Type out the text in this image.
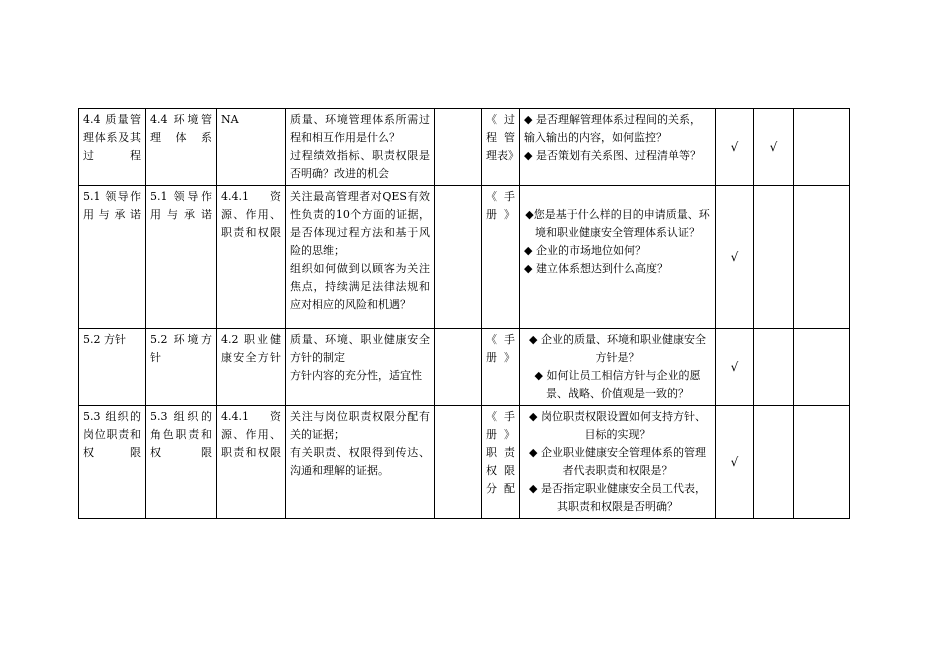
4.4 质量管理体系及其过程	4.4 环境管理体系	NA	质量、环境管理体系所需过程和相互作用是什么？
过程绩效指标、职责权限是否明确？改进的机会		《过程管理表》	◆ 是否理解管理体系过程间的关系，输入输出的内容，如何监控？
◆ 是否策划有关系图、过程清单等？	√	√	
5.1 领导作用与承诺	5.1 领导作用与承诺	4.4.1 资源、作用、职责和权限	关注最高管理者对QES有效性负责的10个方面的证据，是否体现过程方法和基于风险的思维；
组织如何做到以顾客为关注焦点，持续满足法律法规和应对相应的风险和机遇？		《手册》	◆您是基于什么样的目的申请质量、环境和职业健康安全管理体系认证？
◆ 企业的市场地位如何？
◆ 建立体系想达到什么高度？	√		
5.2 方针	5.2 环境方针	4.2 职业健康安全方针	质量、环境、职业健康安全方针的制定
方针内容的充分性，适宜性		《手册》	◆ 企业的质量、环境和职业健康安全方针是？
◆ 如何让员工相信方针与企业的愿景、战略、价值观是一致的？	√		
5.3 组织的岗位职责和权限	5.3 组织的角色职责和权限	4.4.1 资源、作用、职责和权限	关注与岗位职责权限分配有关的证据；
有关职责、权限得到传达、沟通和理解的证据。		《手册》职责权限分配	◆ 岗位职责权限设置如何支持方针、目标的实现？
◆ 企业职业健康安全管理体系的管理者代表职责和权限是？
◆ 是否指定职业健康安全员工代表，其职责和权限是否明确？	√		
